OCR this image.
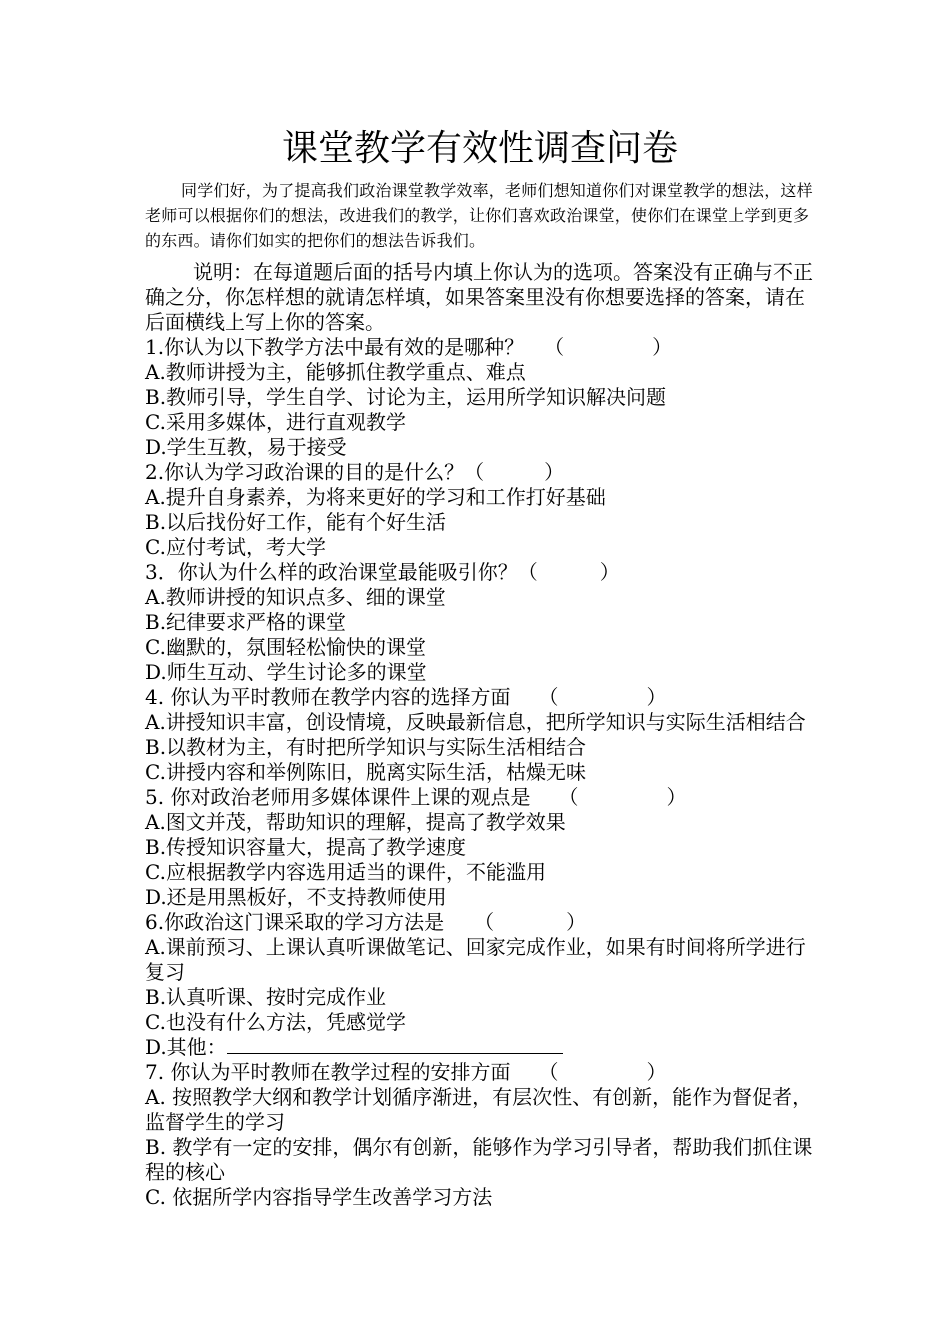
课堂教学有效性调查问卷

同学们好，为了提高我们政治课堂教学效率，老师们想知道你们对课堂教学的想法，这样老师可以根据你们的想法，改进我们的教学，让你们喜欢政治课堂，使你们在课堂上学到更多的东西。请你们如实的把你们的想法告诉我们。

说明：在每道题后面的括号内填上你认为的选项。答案没有正确与不正确之分，你怎样想的就请怎样填，如果答案里没有你想要选择的答案，请在后面横线上写上你的答案。

1.你认为以下教学方法中最有效的是哪种？ （	）

A.教师讲授为主，能够抓住教学重点、难点

B.教师引导，学生自学、讨论为主，运用所学知识解决问题

C.采用多媒体，进行直观教学

D.学生互教，易于接受

2.你认为学习政治课的目的是什么？（	）

A.提升自身素养，为将来更好的学习和工作打好基础

B.以后找份好工作，能有个好生活

C.应付考试，考大学

3．你认为什么样的政治课堂最能吸引你？（	）

A.教师讲授的知识点多、细的课堂

B.纪律要求严格的课堂

C.幽默的，氛围轻松愉快的课堂

D.师生互动、学生讨论多的课堂

4. 你认为平时教师在教学内容的选择方面 （	）

A.讲授知识丰富，创设情境，反映最新信息，把所学知识与实际生活相结合

B.以教材为主，有时把所学知识与实际生活相结合

C.讲授内容和举例陈旧，脱离实际生活，枯燥无味

5. 你对政治老师用多媒体课件上课的观点是 （	）

A.图文并茂，帮助知识的理解，提高了教学效果

B.传授知识容量大，提高了教学速度

C.应根据教学内容选用适当的课件，不能滥用

D.还是用黑板好，不支持教师使用

6.你政治这门课采取的学习方法是 （	）

A.课前预习、上课认真听课做笔记、回家完成作业，如果有时间将所学进行复习

B.认真听课、按时完成作业

C.也没有什么方法，凭感觉学

D.其他：

7. 你认为平时教师在教学过程的安排方面 （	）

A. 按照教学大纲和教学计划循序渐进，有层次性、有创新，能作为督促者，监督学生的学习

B. 教学有一定的安排，偶尔有创新，能够作为学习引导者，帮助我们抓住课程的核心

C. 依据所学内容指导学生改善学习方法
